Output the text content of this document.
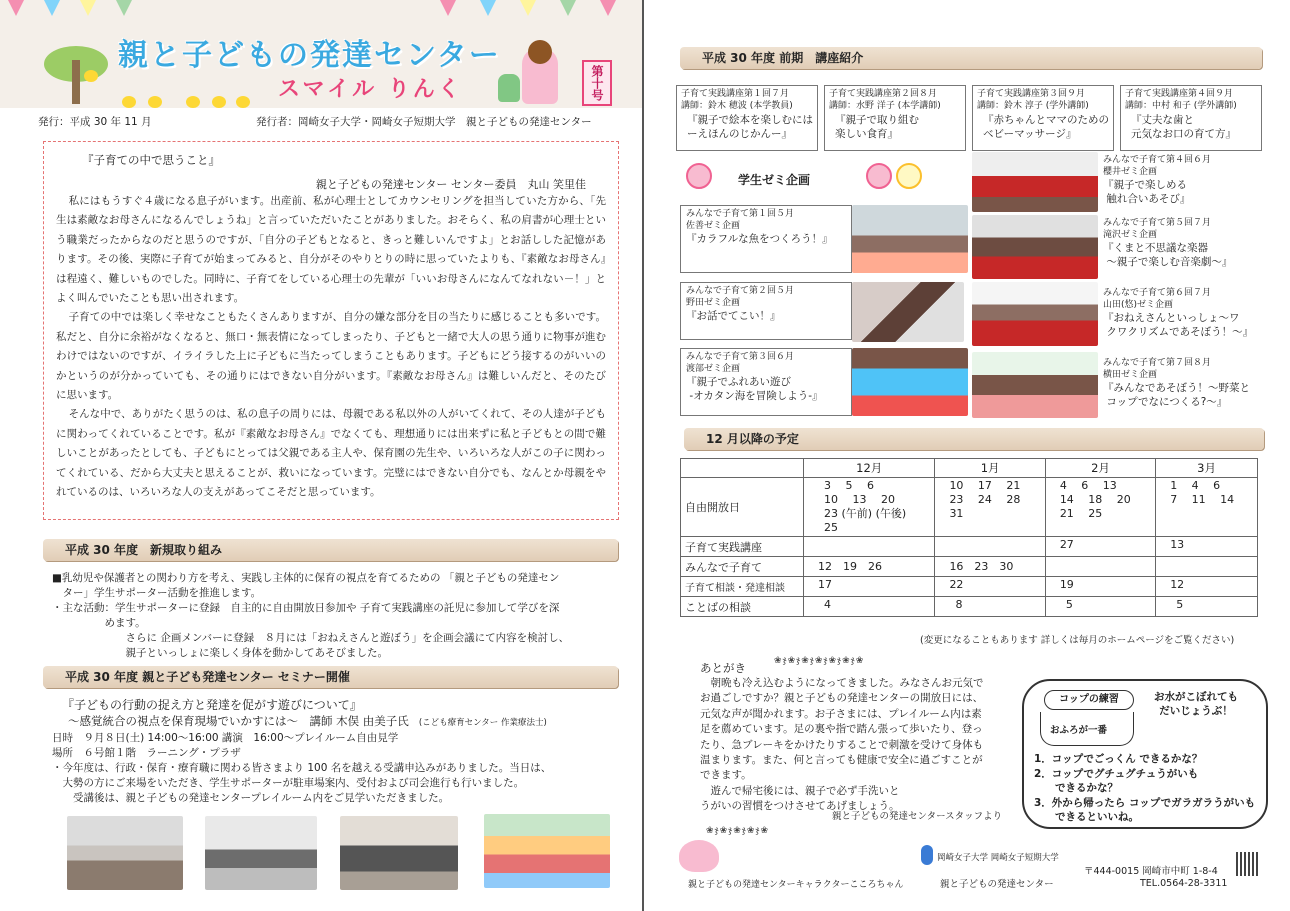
親と子どもの発達センター
スマイル りんく	第十号
発行：平成 30 年 11 月	発行者：岡崎女子大学・岡崎女子短期大学　親と子どもの発達センター
『子育ての中で思うこと』
親と子どもの発達センター センター委員　丸山 笑里佳

私にはもうすぐ４歳になる息子がいます。出産前、私が心理士としてカウンセリングを担当していた方から、「先生は素敵なお母さんになるんでしょうね」と言っていただいたことがありました。おそらく、私の肩書が心理士という職業だったからなのだと思うのですが、「自分の子どもとなると、きっと難しいんですよ」とお話しした記憶があります。その後、実際に子育てが始まってみると、自分がそのやりとりの時に思っていたよりも、『素敵なお母さん』は程遠く、難しいものでした。同時に、子育てをしている心理士の先輩が「いいお母さんになんてなれない－！」とよく叫んでいたことも思い出されます。

子育ての中では楽しく幸せなこともたくさんありますが、自分の嫌な部分を目の当たりに感じることも多いです。私だと、自分に余裕がなくなると、無口・無表情になってしまったり、子どもと一緒で大人の思う通りに物事が進むわけではないのですが、イライラした上に子どもに当たってしまうこともあります。子どもにどう接するのがいいのかというのが分かっていても、その通りにはできない自分がいます。『素敵なお母さん』は難しいんだと、そのたびに思います。

そんな中で、ありがたく思うのは、私の息子の周りには、母親である私以外の人がいてくれて、その人達が子どもに関わってくれていることです。私が『素敵なお母さん』でなくても、理想通りには出来ずに私と子どもとの間で難しいことがあったとしても、子どもにとっては父親である主人や、保育園の先生や、いろいろな人がこの子に関わってくれている、だから大丈夫と思えることが、救いになっています。完璧にはできない自分でも、なんとか母親をやれているのは、いろいろな人の支えがあってこそだと思っています。

平成 30 年度　新規取り組み
■乳幼児や保護者との関わり方を考え、実践し主体的に保育の視点を育てるための 「親と子どもの発達セン
　ター」学生サポーター活動を推進します。
・主な活動：学生サポーターに登録　自主的に自由開放日参加や 子育て実践講座の託児に参加して学びを深
　　　　　めます。
　　　　　　　さらに 企画メンバーに登録　８月には「おねえさんと遊ぼう」を企画会議にて内容を検討し、
　　　　　　　親子といっしょに楽しく身体を動かしてあそびました。
平成 30 年度 親と子ども発達センター セミナー開催
『子どもの行動の捉え方と発達を促がす遊びについて』
～感覚統合の視点を保育現場でいかすには～　講師 木俣 由美子氏 (こども療育センター 作業療法士)
日時　９月８日(土) 14:00～16:00 講演　16:00～プレイルーム自由見学
場所　６号館１階　ラーニング・プラザ
・今年度は、行政・保育・療育職に関わる皆さまより 100 名を越える受講申込みがありました。当日は、
　大勢の方にご来場をいただき、学生サポーターが駐車場案内、受付および司会進行も行いました。
　　受講後は、親と子どもの発達センタープレイルーム内をご見学いただきました。
平成 30 年度 前期　講座紹介
子育て実践講座第１回７月
講師：鈴木 穂波 (本学教員)
『親子で絵本を楽しむには
ーえほんのじかんー』
子育て実践講座第２回８月
講師：水野 洋子 (本学講師)
『親子で取り組む
楽しい食育』
子育て実践講座第３回９月
講師：鈴木 淳子 (学外講師)
『赤ちゃんとママのための
ベビーマッサージ』
子育て実践講座第４回９月
講師：中村 和子 (学外講師)
『丈夫な歯と
元気なお口の育て方』
学生ゼミ企画
みんなで子育て第１回５月
佐善ゼミ企画
『カラフルな魚をつくろう！』
みんなで子育て第２回５月
野田ゼミ企画
『お話でてこい！』
みんなで子育て第３回６月
渡部ゼミ企画
『親子でふれあい遊び
-オカタン海を冒険しよう-』
みんなで子育て第４回６月
櫻井ゼミ企画
『親子で楽しめる
触れ合いあそび』
みんなで子育て第５回７月
滝沢ゼミ企画
『くまと不思議な楽器
～親子で楽しむ音楽劇～』
みんなで子育て第６回７月
山田(悠)ゼミ企画
『おねえさんといっしょ～ワ
クワクリズムであそぼう！～』
みんなで子育て第７回８月
横田ゼミ企画
『みんなであそぼう！～野菜と
コップでなにつくる?～』
12 月以降の予定
	12月	1月	2月	3月
自由開放日	3　 5 　6
10 　13　 20
23 (午前) (午後)
25	10　 17　 21
23　 24　 28
31	4　 6 　13
14　 18　 20
21　 25	1　 4　 6
7 　11　 14
子育て実践講座			27	13
みんなで子育て	12　19　26	16　23　30		
子育て相談・発達相談	17	22	19	12
ことばの相談	4	8	5	5
(変更になることもあります 詳しくは毎月のホームページをご覧ください)
❀ჯ❀ჯ❀ჯ❀ჯ❀ჯ❀ჯ❀
あとがき
　朝晩も冷え込むようになってきました。みなさんお元気で
お過ごしですか？親と子どもの発達センターの開放日には、
元気な声が聞かれます。お子さまには、プレイルーム内は素
足を薦めています。足の裏や指で踏ん張って歩いたり、登っ
たり、急ブレーキをかけたりすることで刺激を受けて身体も
温まります。また、何と言っても健康で安全に過ごすことが
できます。
　遊んで帰宅後には、親子で必ず手洗いと
うがいの習慣をつけさせてあげましょう。
親と子どもの発達センタースタッフより
❀ჯ❀ჯ❀ჯ❀ჯ❀
コップの練習
おふろが一番
お水がこぼれても
だいじょうぶ！
1．コップでごっくん できるかな？
2．コップでグチュグチュうがいも
　　できるかな？
3．外から帰ったら コップでガラガラうがいも
　　できるといいね。
親と子どもの発達センターキャラクターこころちゃん
岡崎女子大学 岡崎女子短期大学
親と子どもの発達センター
〒444-0015 岡崎市中町 1-8-4
TEL.0564-28-3311
